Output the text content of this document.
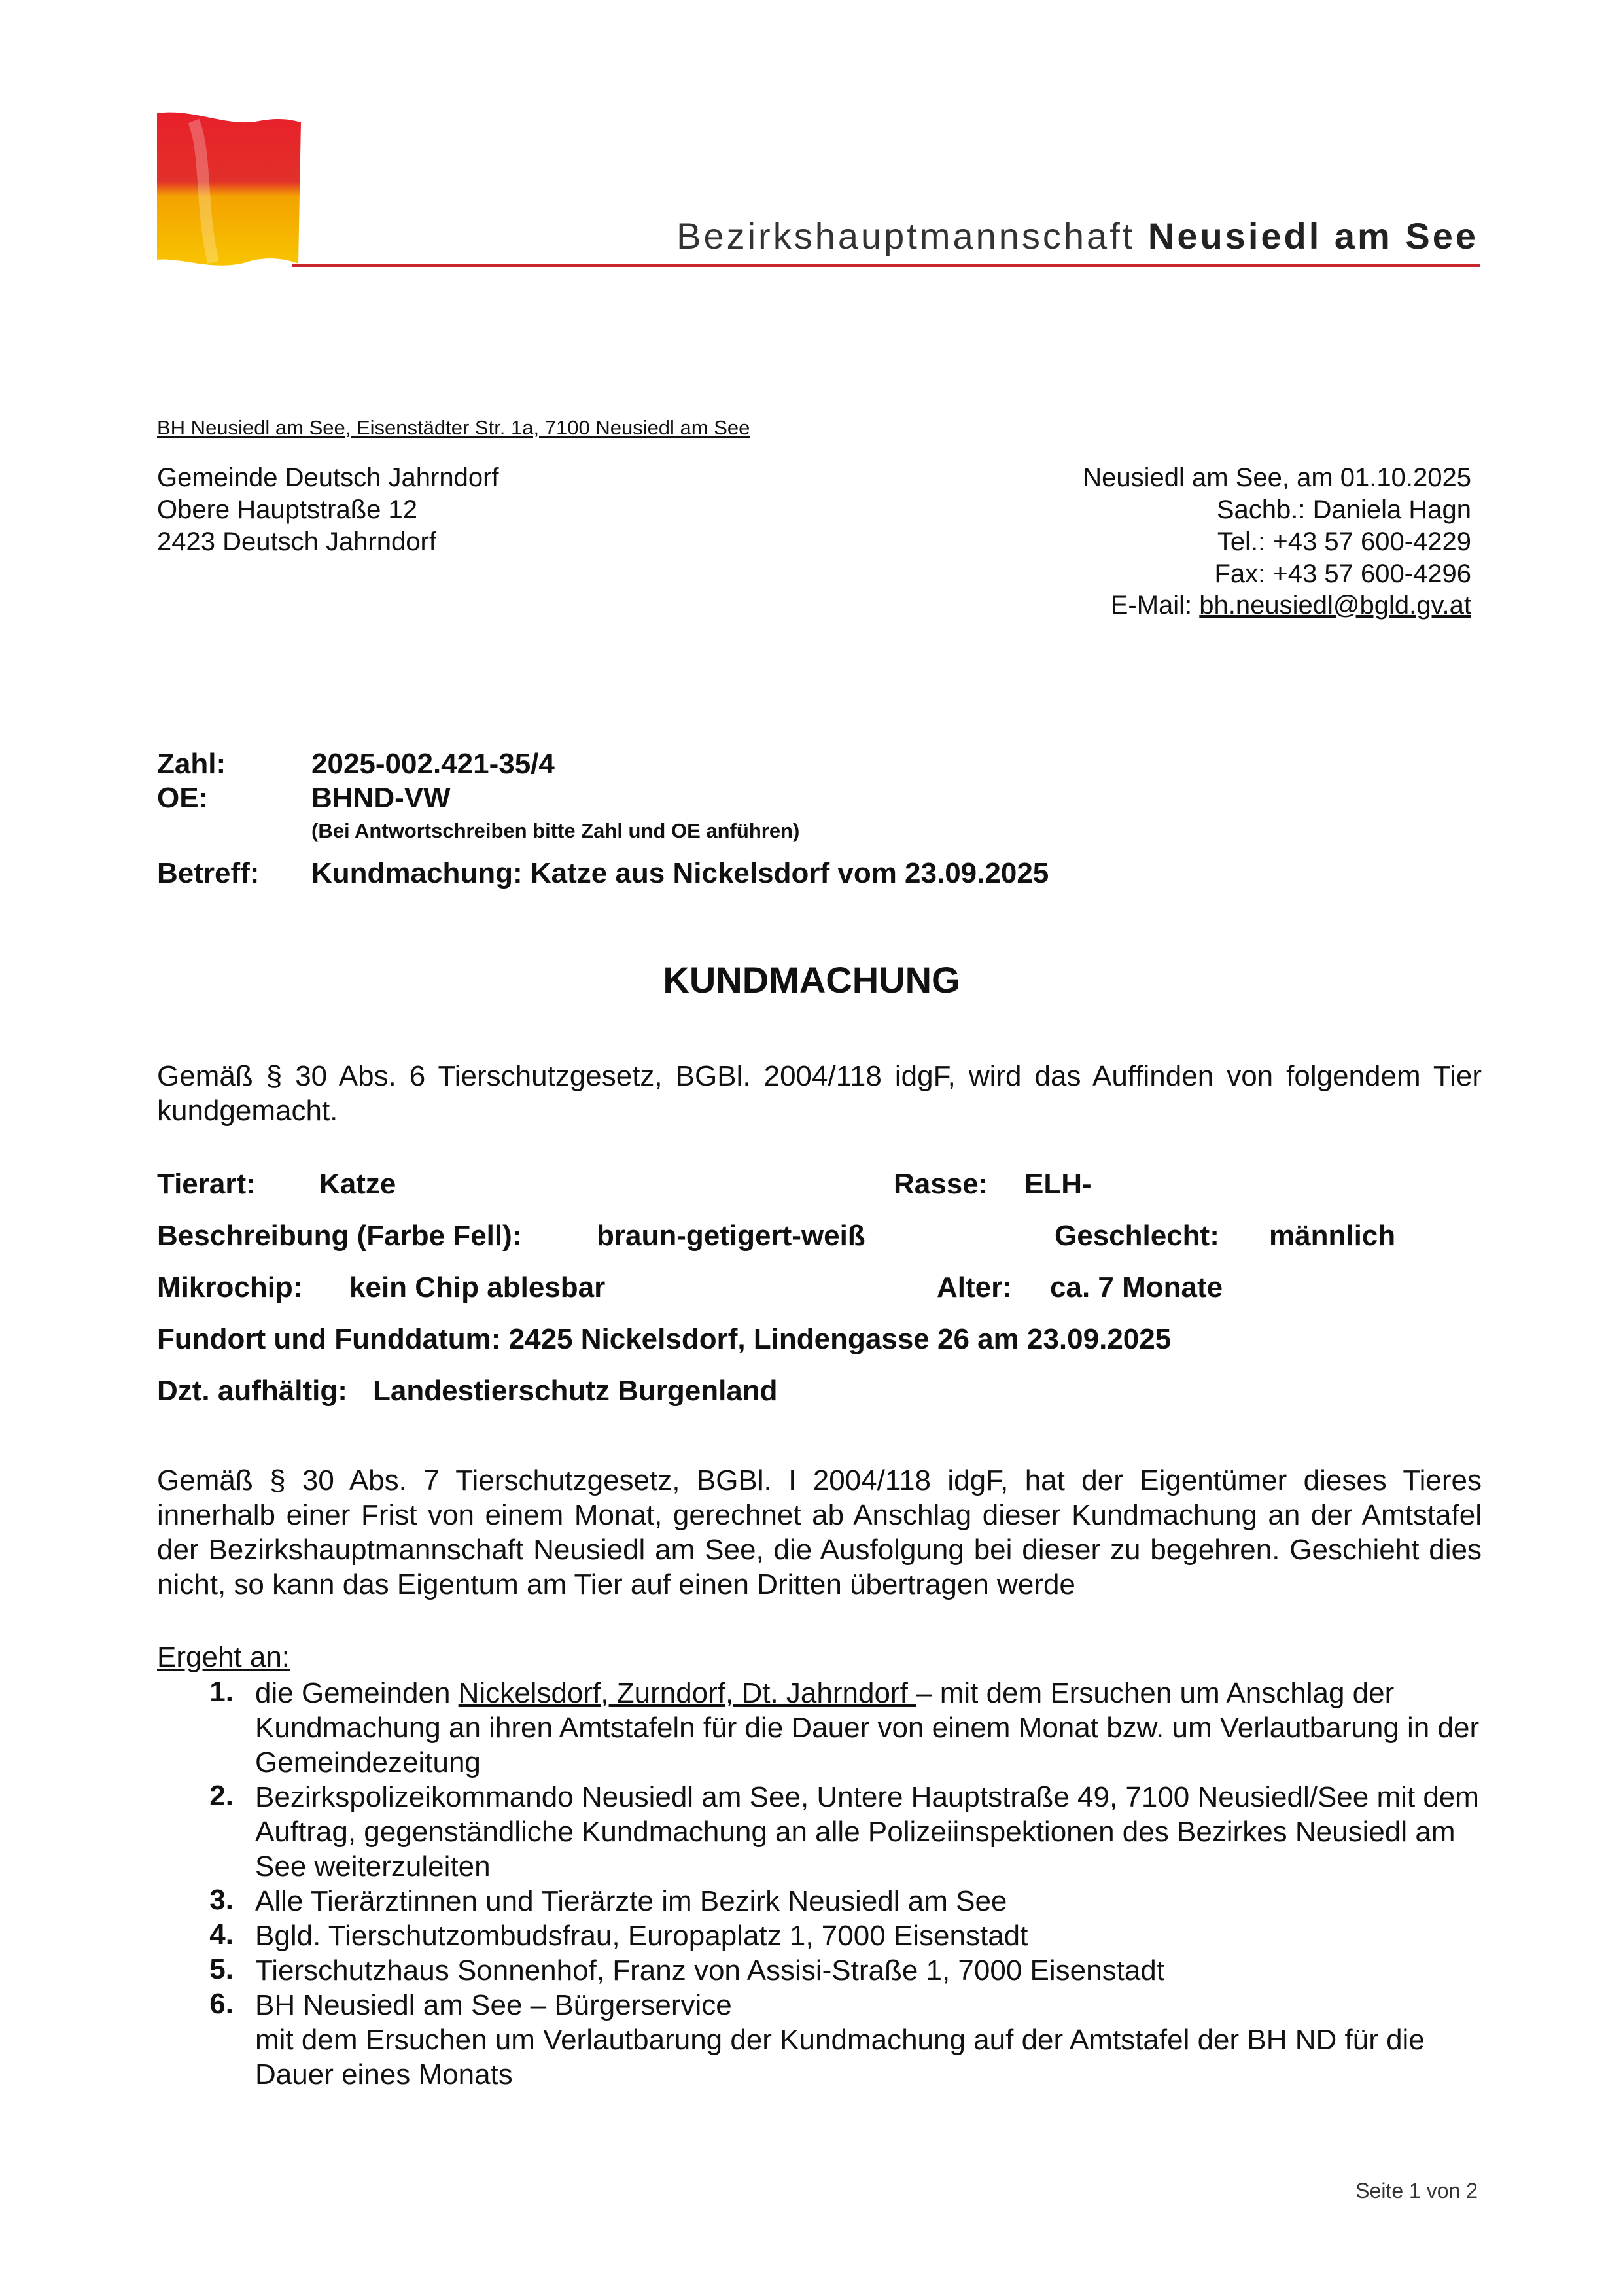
Bezirkshauptmannschaft Neusiedl am See
BH Neusiedl am See, Eisenstädter Str. 1a, 7100 Neusiedl am See
Gemeinde Deutsch Jahrndorf
Obere Hauptstraße 12
2423 Deutsch Jahrndorf
Neusiedl am See, am 01.10.2025
Sachb.: Daniela Hagn
Tel.: +43 57 600-4229
Fax: +43 57 600-4296
E-Mail: bh.neusiedl@bgld.gv.at
Zahl:	2025-002.421-35/4
OE:	BHND-VW
(Bei Antwortschreiben bitte Zahl und OE anführen)
Betreff: Kundmachung: Katze aus Nickelsdorf vom 23.09.2025
KUNDMACHUNG
Gemäß § 30 Abs. 6 Tierschutzgesetz, BGBl. 2004/118 idgF, wird das Auffinden von folgendem Tier kundgemacht.
Tierart: Katze	Rasse: ELH-
Beschreibung (Farbe Fell):	braun-getigert-weiß	Geschlecht: männlich
Mikrochip: kein Chip ablesbar	Alter: ca. 7 Monate
Fundort und Funddatum: 2425 Nickelsdorf, Lindengasse 26 am 23.09.2025
Dzt. aufhältig: Landestierschutz Burgenland
Gemäß § 30 Abs. 7 Tierschutzgesetz, BGBl. I 2004/118 idgF, hat der Eigentümer dieses Tieres innerhalb einer Frist von einem Monat, gerechnet ab Anschlag dieser Kundmachung an der Amtstafel der Bezirkshauptmannschaft Neusiedl am See, die Ausfolgung bei dieser zu begehren. Geschieht dies nicht, so kann das Eigentum am Tier auf einen Dritten übertragen werde
Ergeht an:
1. die Gemeinden Nickelsdorf, Zurndorf, Dt. Jahrndorf – mit dem Ersuchen um Anschlag der Kundmachung an ihren Amtstafeln für die Dauer von einem Monat bzw. um Verlautbarung in der Gemeindezeitung
2. Bezirkspolizeikommando Neusiedl am See, Untere Hauptstraße 49, 7100 Neusiedl/See mit dem Auftrag, gegenständliche Kundmachung an alle Polizeiinspektionen des Bezirkes Neusiedl am See weiterzuleiten
3. Alle Tierärztinnen und Tierärzte im Bezirk Neusiedl am See
4. Bgld. Tierschutzombudsfrau, Europaplatz 1, 7000 Eisenstadt
5. Tierschutzhaus Sonnenhof, Franz von Assisi-Straße 1, 7000 Eisenstadt
6. BH Neusiedl am See – Bürgerservice
mit dem Ersuchen um Verlautbarung der Kundmachung auf der Amtstafel der BH ND für die Dauer eines Monats
Seite 1 von 2
